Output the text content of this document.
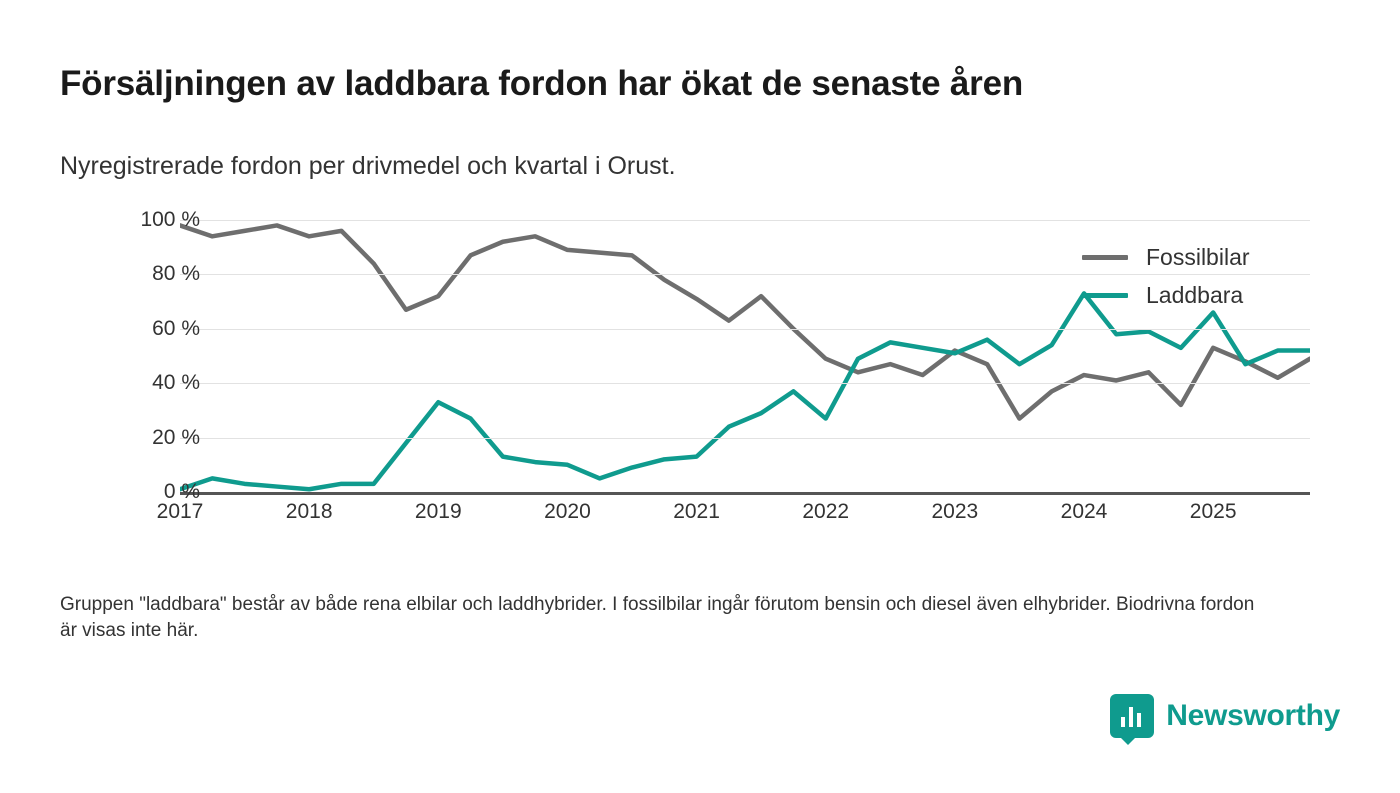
Försäljningen av laddbara fordon har ökat de senaste åren
Nyregistrerade fordon per drivmedel och kvartal i Orust.
Fossilbilar
Laddbara
0 %
20 %
40 %
60 %
80 %
100 %
2017	2018	2019	2020	2021	2022	2023	2024	2025
Gruppen "laddbara" består av både rena elbilar och laddhybrider. I fossilbilar ingår förutom bensin och diesel även elhybrider. Biodrivna fordon är visas inte här.
Newsworthy
